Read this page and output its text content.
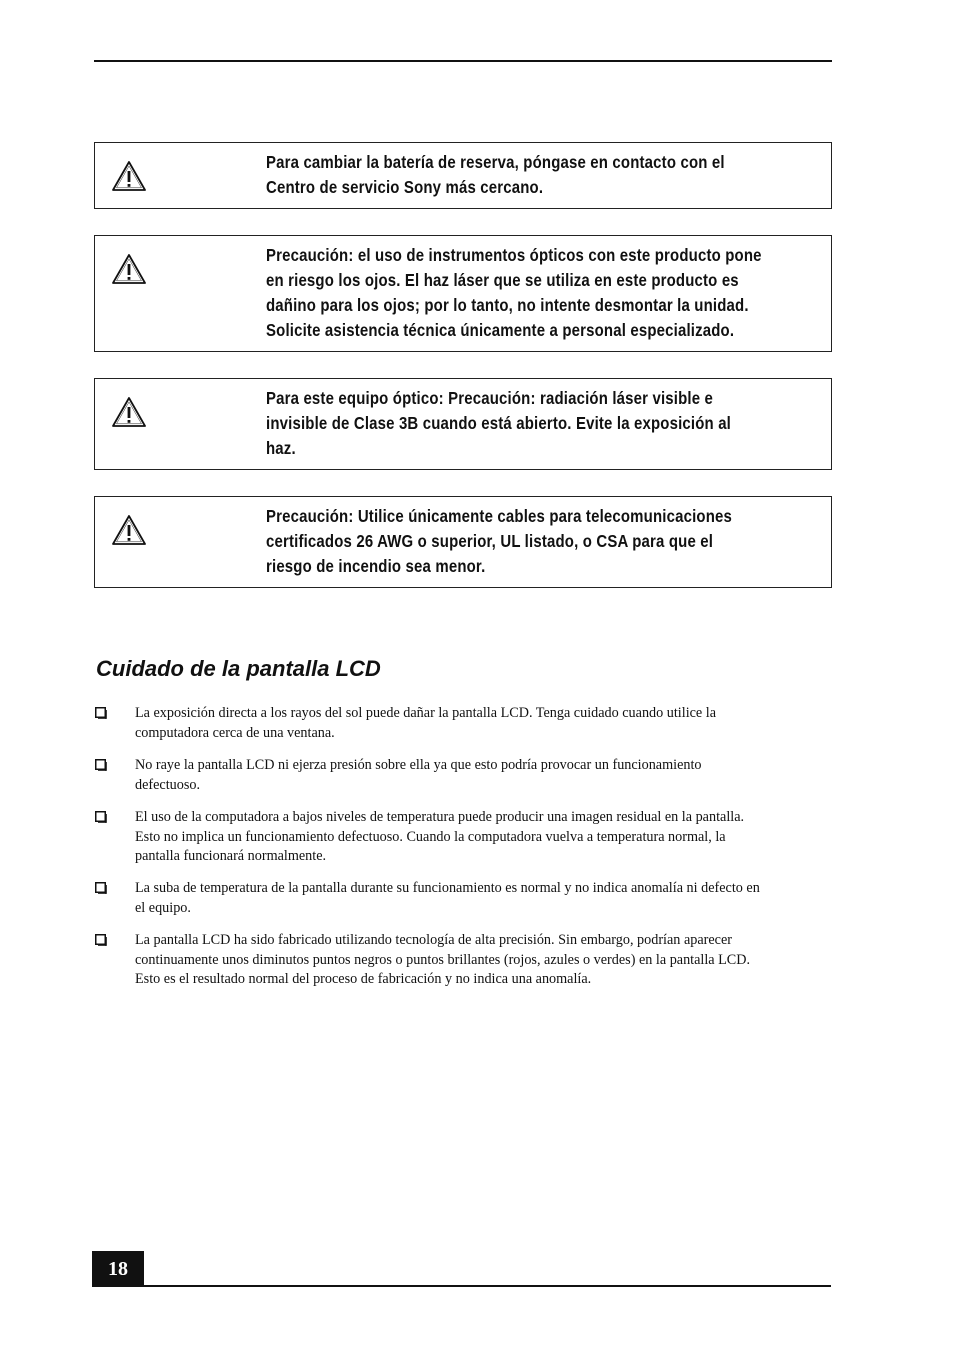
Para cambiar la batería de reserva, póngase en contacto con el
Centro de servicio Sony más cercano.
Precaución: el uso de instrumentos ópticos con este producto pone
en riesgo los ojos. El haz láser que se utiliza en este producto es
dañino para los ojos; por lo tanto, no intente desmontar la unidad.
Solicite asistencia técnica únicamente a personal especializado.
Para este equipo óptico: Precaución: radiación láser visible e
invisible de Clase 3B cuando está abierto. Evite la exposición al
haz.
Precaución: Utilice únicamente cables para telecomunicaciones
certificados 26 AWG o superior, UL listado, o CSA para que el
riesgo de incendio sea menor.
Cuidado de la pantalla LCD
La exposición directa a los rayos del sol puede dañar la pantalla LCD. Tenga cuidado cuando utilice la
computadora cerca de una ventana.
No raye la pantalla LCD ni ejerza presión sobre ella ya que esto podría provocar un funcionamiento
defectuoso.
El uso de la computadora a bajos niveles de temperatura puede producir una imagen residual en la pantalla.
Esto no implica un funcionamiento defectuoso. Cuando la computadora vuelva a temperatura normal, la
pantalla funcionará normalmente.
La suba de temperatura de la pantalla durante su funcionamiento es normal y no indica anomalía ni defecto en
el equipo.
La pantalla LCD ha sido fabricado utilizando tecnología de alta precisión. Sin embargo, podrían aparecer
continuamente unos diminutos puntos negros o puntos brillantes (rojos, azules o verdes) en la pantalla LCD.
Esto es el resultado normal del proceso de fabricación y no indica una anomalía.
18
